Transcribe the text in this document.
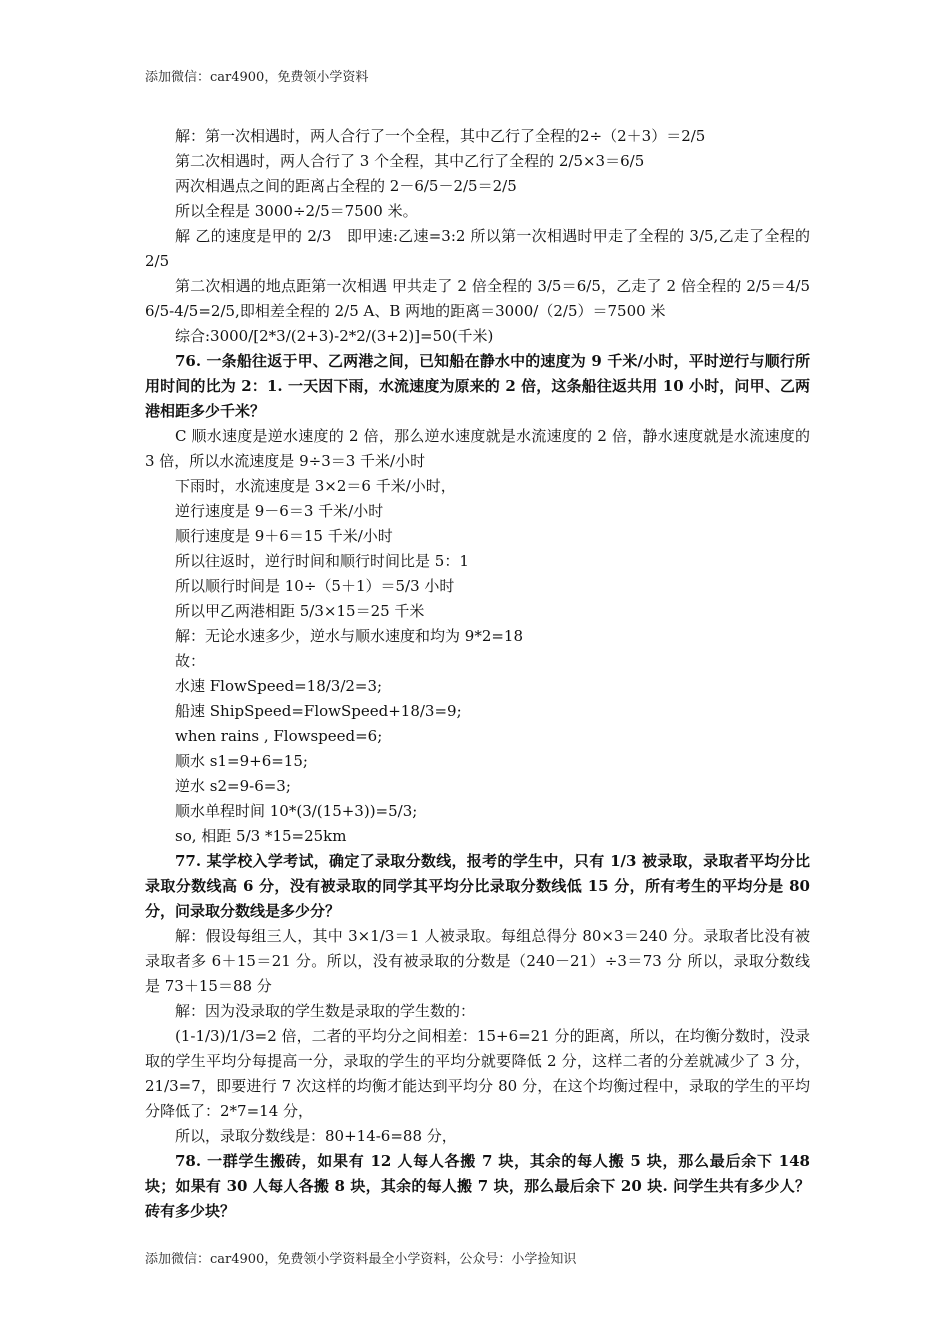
添加微信：car4900，免费领小学资料

解：第一次相遇时，两人合行了一个全程，其中乙行了全程的2÷（2＋3）＝2/5

第二次相遇时，两人合行了 3 个全程，其中乙行了全程的 2/5×3＝6/5

两次相遇点之间的距离占全程的 2－6/5－2/5＝2/5

所以全程是 3000÷2/5＝7500 米。

解 乙的速度是甲的 2/3　即甲速:乙速=3:2 所以第一次相遇时甲走了全程的 3/5,乙走了全程的 2/5

第二次相遇的地点距第一次相遇 甲共走了 2 倍全程的 3/5＝6/5，乙走了 2 倍全程的 2/5＝4/5 6/5-4/5=2/5,即相差全程的 2/5 A、B 两地的距离＝3000/（2/5）＝7500 米

综合:3000/[2*3/(2+3)-2*2/(3+2)]=50(千米)

76. 一条船往返于甲、乙两港之间，已知船在静水中的速度为 9 千米/小时，平时逆行与顺行所用时间的比为 2：1. 一天因下雨，水流速度为原来的 2 倍，这条船往返共用 10 小时，问甲、乙两港相距多少千米？

C 顺水速度是逆水速度的 2 倍，那么逆水速度就是水流速度的 2 倍，静水速度就是水流速度的 3 倍，所以水流速度是 9÷3＝3 千米/小时

下雨时，水流速度是 3×2＝6 千米/小时，

逆行速度是 9－6＝3 千米/小时

顺行速度是 9＋6＝15 千米/小时

所以往返时，逆行时间和顺行时间比是 5：1

所以顺行时间是 10÷（5＋1）＝5/3 小时

所以甲乙两港相距 5/3×15＝25 千米

解：无论水速多少，逆水与顺水速度和均为 9*2=18

故：

水速 FlowSpeed=18/3/2=3;

船速 ShipSpeed=FlowSpeed+18/3=9;

when rains , Flowspeed=6;

顺水 s1=9+6=15;

逆水 s2=9-6=3;

顺水单程时间 10*(3/(15+3))=5/3;

so, 相距 5/3 *15=25km

77. 某学校入学考试，确定了录取分数线，报考的学生中，只有 1/3 被录取，录取者平均分比录取分数线高 6 分，没有被录取的同学其平均分比录取分数线低 15 分，所有考生的平均分是 80 分，问录取分数线是多少分？

解：假设每组三人，其中 3×1/3＝1 人被录取。每组总得分 80×3＝240 分。录取者比没有被录取者多 6＋15＝21 分。所以，没有被录取的分数是（240－21）÷3＝73 分 所以，录取分数线是 73＋15＝88 分

解：因为没录取的学生数是录取的学生数的：

(1-1/3)/1/3=2 倍，二者的平均分之间相差：15+6=21 分的距离，所以，在均衡分数时，没录取的学生平均分每提高一分，录取的学生的平均分就要降低 2 分，这样二者的分差就减少了 3 分，21/3=7，即要进行 7 次这样的均衡才能达到平均分 80 分，在这个均衡过程中，录取的学生的平均分降低了：2*7=14 分，

所以，录取分数线是：80+14-6=88 分，

78. 一群学生搬砖，如果有 12 人每人各搬 7 块，其余的每人搬 5 块，那么最后余下 148 块；如果有 30 人每人各搬 8 块，其余的每人搬 7 块，那么最后余下 20 块. 问学生共有多少人？砖有多少块？

添加微信：car4900，免费领小学资料最全小学资料，公众号：小学捡知识
